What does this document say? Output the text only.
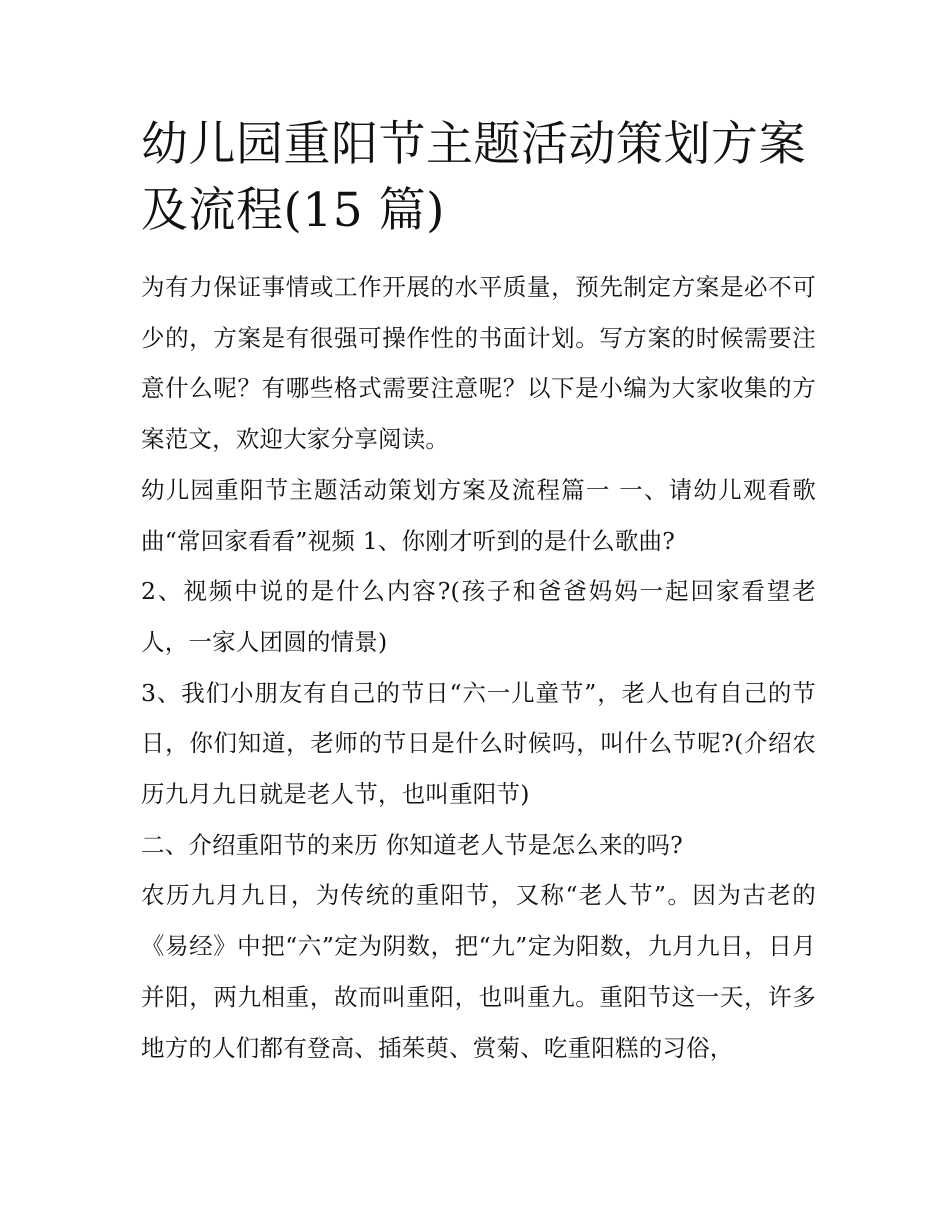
幼儿园重阳节主题活动策划方案及流程(15 篇)

为有力保证事情或工作开展的水平质量，预先制定方案是必不可少的，方案是有很强可操作性的书面计划。写方案的时候需要注意什么呢？有哪些格式需要注意呢？以下是小编为大家收集的方案范文，欢迎大家分享阅读。

幼儿园重阳节主题活动策划方案及流程篇一 一、请幼儿观看歌曲“常回家看看”视频 1、你刚才听到的是什么歌曲?

2、视频中说的是什么内容?(孩子和爸爸妈妈一起回家看望老人，一家人团圆的情景)

3、我们小朋友有自己的节日“六一儿童节”，老人也有自己的节日，你们知道，老师的节日是什么时候吗，叫什么节呢?(介绍农历九月九日就是老人节，也叫重阳节)

二、介绍重阳节的来历 你知道老人节是怎么来的吗?

农历九月九日，为传统的重阳节，又称“老人节”。因为古老的《易经》中把“六”定为阴数，把“九”定为阳数，九月九日，日月并阳，两九相重，故而叫重阳，也叫重九。重阳节这一天，许多地方的人们都有登高、插茱萸、赏菊、吃重阳糕的习俗，
